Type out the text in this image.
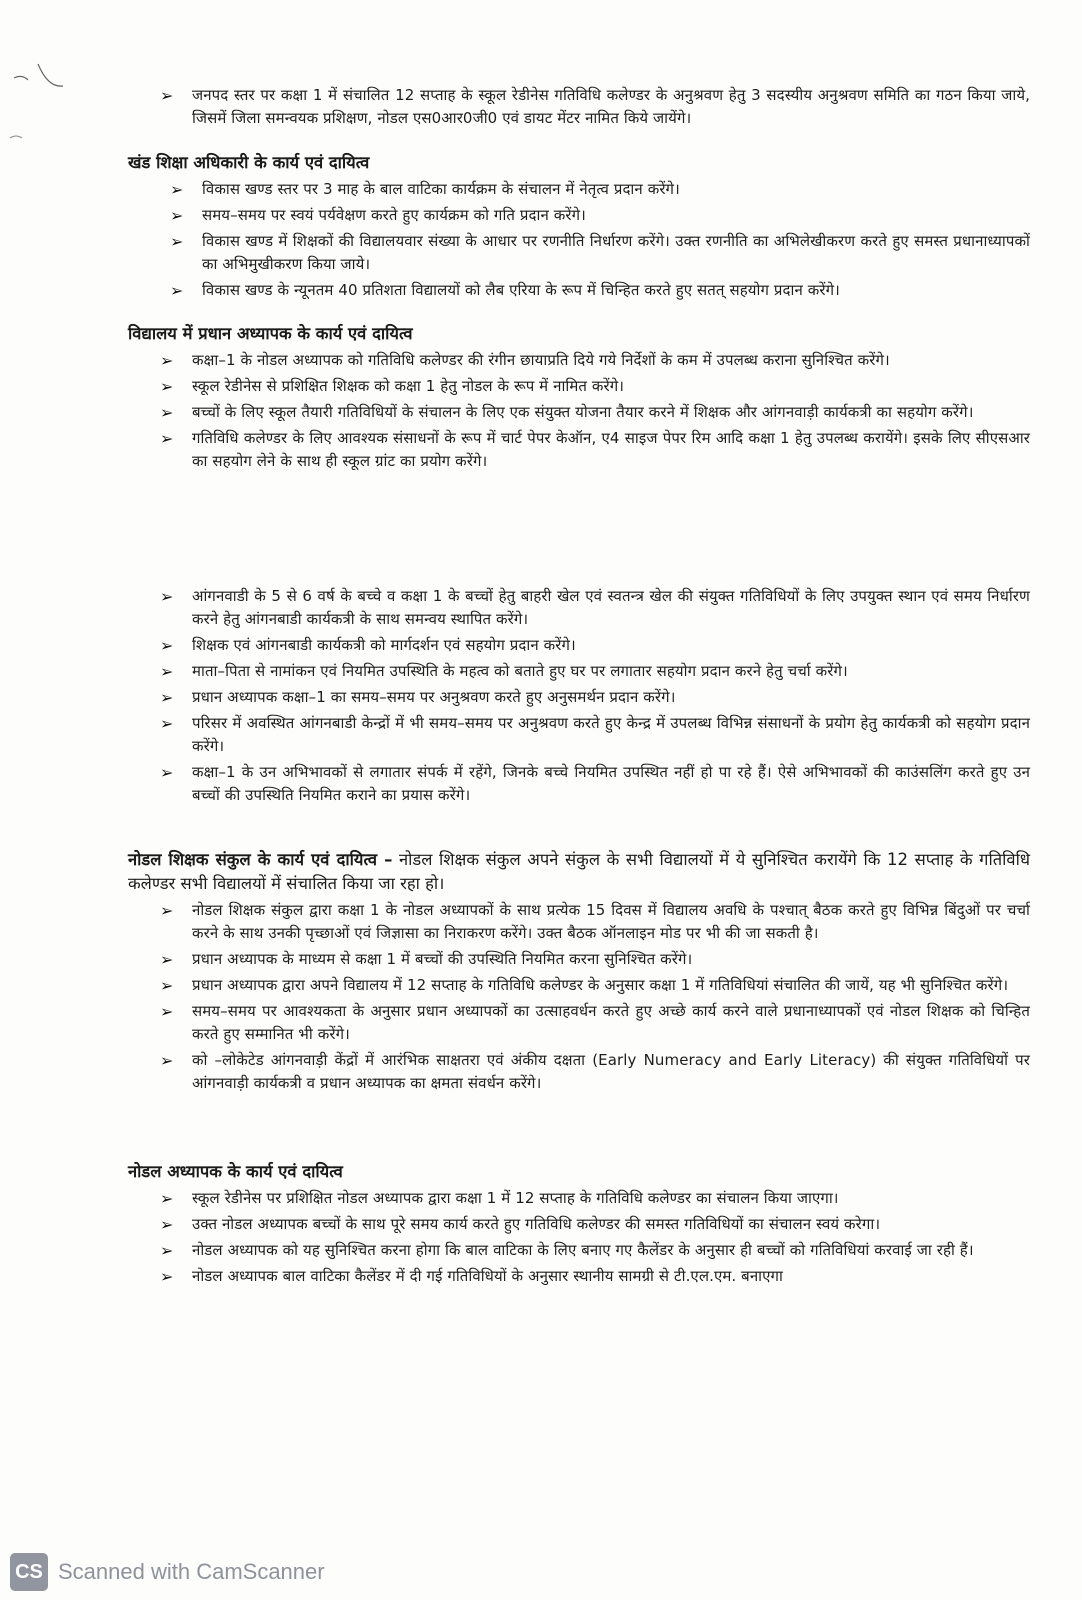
➢ जनपद स्तर पर कक्षा 1 में संचालित 12 सप्ताह के स्कूल रेडीनेस गतिविधि कलेण्डर के अनुश्रवण हेतु 3 सदस्यीय अनुश्रवण समिति का गठन किया जाये, जिसमें जिला समन्वयक प्रशिक्षण, नोडल एस0आर0जी0 एवं डायट मेंटर नामित किये जायेंगे।
खंड शिक्षा अधिकारी के कार्य एवं दायित्व
➢ विकास खण्ड स्तर पर 3 माह के बाल वाटिका कार्यक्रम के संचालन में नेतृत्व प्रदान करेंगे।
➢ समय–समय पर स्वयं पर्यवेक्षण करते हुए कार्यक्रम को गति प्रदान करेंगे।
➢ विकास खण्ड में शिक्षकों की विद्यालयवार संख्या के आधार पर रणनीति निर्धारण करेंगे। उक्त रणनीति का अभिलेखीकरण करते हुए समस्त प्रधानाध्यापकों का अभिमुखीकरण किया जाये।
➢ विकास खण्ड के न्यूनतम 40 प्रतिशता विद्यालयों को लैब एरिया के रूप में चिन्हित करते हुए सतत् सहयोग प्रदान करेंगे।
विद्यालय में प्रधान अध्यापक के कार्य एवं दायित्व
➢ कक्षा–1 के नोडल अध्यापक को गतिविधि कलेण्डर की रंगीन छायाप्रति दिये गये निर्देशों के कम में उपलब्ध कराना सुनिश्चित करेंगे।
➢ स्कूल रेडीनेस से प्रशिक्षित शिक्षक को कक्षा 1 हेतु नोडल के रूप में नामित करेंगे।
➢ बच्चों के लिए स्कूल तैयारी गतिविधियों के संचालन के लिए एक संयुक्त योजना तैयार करने में शिक्षक और आंगनवाड़ी कार्यकत्री का सहयोग करेंगे।
➢ गतिविधि कलेण्डर के लिए आवश्यक संसाधनों के रूप में चार्ट पेपर केऑन, ए4 साइज पेपर रिम आदि कक्षा 1 हेतु उपलब्ध करायेंगे। इसके लिए सीएसआर का सहयोग लेने के साथ ही स्कूल ग्रांट का प्रयोग करेंगे।
➢ आंगनवाडी के 5 से 6 वर्ष के बच्चे व कक्षा 1 के बच्चों हेतु बाहरी खेल एवं स्वतन्त्र खेल की संयुक्त गतिविधियों के लिए उपयुक्त स्थान एवं समय निर्धारण करने हेतु आंगनबाडी कार्यकत्री के साथ समन्वय स्थापित करेंगे।
➢ शिक्षक एवं आंगनबाडी कार्यकत्री को मार्गदर्शन एवं सहयोग प्रदान करेंगे।
➢ माता–पिता से नामांकन एवं नियमित उपस्थिति के महत्व को बताते हुए घर पर लगातार सहयोग प्रदान करने हेतु चर्चा करेंगे।
➢ प्रधान अध्यापक कक्षा–1 का समय–समय पर अनुश्रवण करते हुए अनुसमर्थन प्रदान करेंगे।
➢ परिसर में अवस्थित आंगनबाडी केन्द्रों में भी समय–समय पर अनुश्रवण करते हुए केन्द्र में उपलब्ध विभिन्न संसाधनों के प्रयोग हेतु कार्यकत्री को सहयोग प्रदान करेंगे।
➢ कक्षा–1 के उन अभिभावकों से लगातार संपर्क में रहेंगे, जिनके बच्चे नियमित उपस्थित नहीं हो पा रहे हैं। ऐसे अभिभावकों की काउंसलिंग करते हुए उन बच्चों की उपस्थिति नियमित कराने का प्रयास करेंगे।

नोडल शिक्षक संकुल के कार्य एवं दायित्व – नोडल शिक्षक संकुल अपने संकुल के सभी विद्यालयों में ये सुनिश्चित करायेंगे कि 12 सप्ताह के गतिविधि कलेण्डर सभी विद्यालयों में संचालित किया जा रहा हो।

➢ नोडल शिक्षक संकुल द्वारा कक्षा 1 के नोडल अध्यापकों के साथ प्रत्येक 15 दिवस में विद्यालय अवधि के पश्चात् बैठक करते हुए विभिन्न बिंदुओं पर चर्चा करने के साथ उनकी पृच्छाओं एवं जिज्ञासा का निराकरण करेंगे। उक्त बैठक ऑनलाइन मोड पर भी की जा सकती है।
➢ प्रधान अध्यापक के माध्यम से कक्षा 1 में बच्चों की उपस्थिति नियमित करना सुनिश्चित करेंगे।
➢ प्रधान अध्यापक द्वारा अपने विद्यालय में 12 सप्ताह के गतिविधि कलेण्डर के अनुसार कक्षा 1 में गतिविधियां संचालित की जायें, यह भी सुनिश्चित करेंगे।
➢ समय–समय पर आवश्यकता के अनुसार प्रधान अध्यापकों का उत्साहवर्धन करते हुए अच्छे कार्य करने वाले प्रधानाध्यापकों एवं नोडल शिक्षक को चिन्हित करते हुए सम्मानित भी करेंगे।
➢ को –लोकेटेड आंगनवाड़ी केंद्रों में आरंभिक साक्षतरा एवं अंकीय दक्षता (Early Numeracy and Early Literacy) की संयुक्त गतिविधियों पर आंगनवाड़ी कार्यकत्री व प्रधान अध्यापक का क्षमता संवर्धन करेंगे।
नोडल अध्यापक के कार्य एवं दायित्व
➢ स्कूल रेडीनेस पर प्रशिक्षित नोडल अध्यापक द्वारा कक्षा 1 में 12 सप्ताह के गतिविधि कलेण्डर का संचालन किया जाएगा।
➢ उक्त नोडल अध्यापक बच्चों के साथ पूरे समय कार्य करते हुए गतिविधि कलेण्डर की समस्त गतिविधियों का संचालन स्वयं करेगा।
➢ नोडल अध्यापक को यह सुनिश्चित करना होगा कि बाल वाटिका के लिए बनाए गए कैलेंडर के अनुसार ही बच्चों को गतिविधियां करवाई जा रही हैं।
➢ नोडल अध्यापक बाल वाटिका कैलेंडर में दी गई गतिविधियों के अनुसार स्थानीय सामग्री से टी.एल.एम. बनाएगा
CS Scanned with CamScanner
